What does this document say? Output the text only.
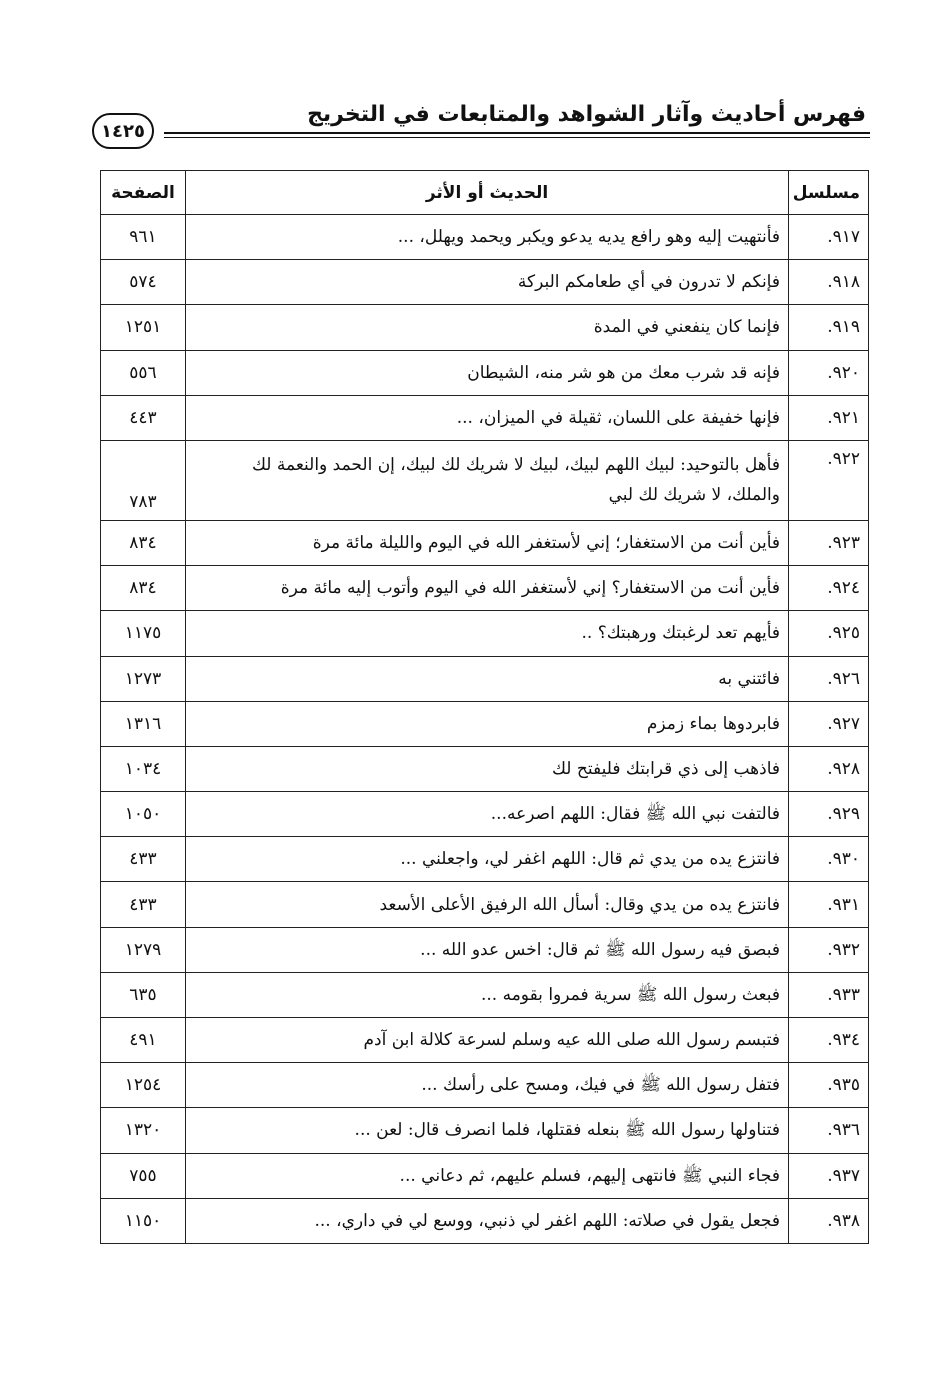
فهرس أحاديث وآثار الشواهد والمتابعات في التخريج
١٤٢٥
مسلسل	الحديث أو الأثر	الصفحة
٩١٧.	فأنتهيت إليه وهو رافع يديه يدعو ويكبر ويحمد ويهلل، ...	٩٦١
٩١٨.	فإنكم لا تدرون في أي طعامكم البركة	٥٧٤
٩١٩.	فإنما كان ينفعني في المدة	١٢٥١
٩٢٠.	فإنه قد شرب معك من هو شر منه، الشيطان	٥٥٦
٩٢١.	فإنها خفيفة على اللسان، ثقيلة في الميزان، ...	٤٤٣
٩٢٢.	فأهل بالتوحيد: لبيك اللهم لبيك، لبيك لا شريك لك لبيك، إن الحمد والنعمة لك والملك، لا شريك لك لبي	٧٨٣
٩٢٣.	فأين أنت من الاستغفار؛ إني لأستغفر الله في اليوم والليلة مائة مرة	٨٣٤
٩٢٤.	فأين أنت من الاستغفار؟ إني لأستغفر الله في اليوم وأتوب إليه مائة مرة	٨٣٤
٩٢٥.	فأيهم تعد لرغبتك ورهبتك؟ ..	١١٧٥
٩٢٦.	فائتني به	١٢٧٣
٩٢٧.	فابردوها بماء زمزم	١٣١٦
٩٢٨.	فاذهب إلى ذي قرابتك فليفتح لك	١٠٣٤
٩٢٩.	فالتفت نبي الله ﷺ فقال: اللهم اصرعه...	١٠٥٠
٩٣٠.	فانتزع يده من يدي ثم قال: اللهم اغفر لي، واجعلني ...	٤٣٣
٩٣١.	فانتزع يده من يدي وقال: أسأل الله الرفيق الأعلى الأسعد	٤٣٣
٩٣٢.	فبصق فيه رسول الله ﷺ ثم قال: اخس عدو الله ...	١٢٧٩
٩٣٣.	فبعث رسول الله ﷺ سرية فمروا بقومه ...	٦٣٥
٩٣٤.	فتبسم رسول الله صلى الله عيه وسلم لسرعة كلالة ابن آدم	٤٩١
٩٣٥.	فتفل رسول الله ﷺ في فيك، ومسح على رأسك ...	١٢٥٤
٩٣٦.	فتناولها رسول الله ﷺ بنعله فقتلها، فلما انصرف قال: لعن ...	١٣٢٠
٩٣٧.	فجاء النبي ﷺ فانتهى إليهم، فسلم عليهم، ثم دعاني ...	٧٥٥
٩٣٨.	فجعل يقول في صلاته: اللهم اغفر لي ذنبي، ووسع لي في داري، ...	١١٥٠
